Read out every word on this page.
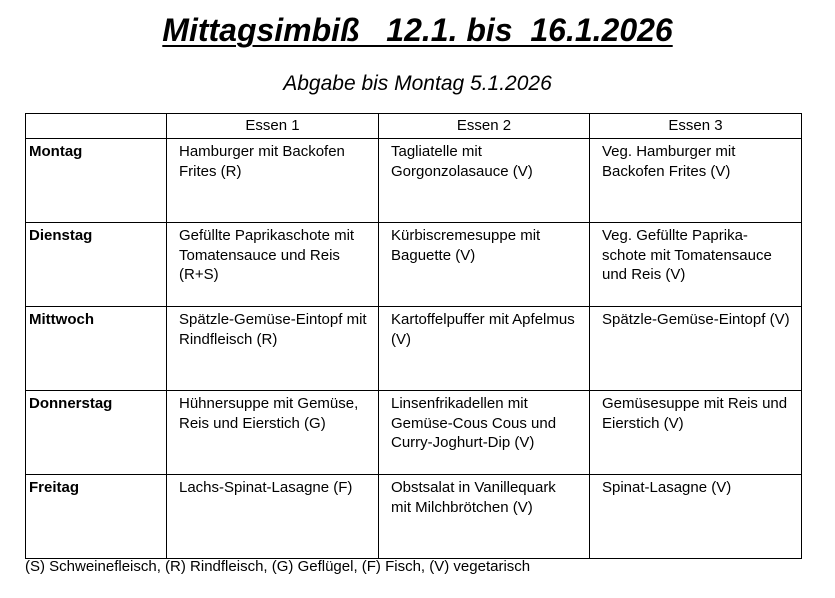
Mittagsimbiß   12.1. bis  16.1.2026
Abgabe bis Montag 5.1.2026
	Essen 1	Essen 2	Essen 3
Montag	Hamburger mit Backofen Frites (R)	Tagliatelle mit Gorgonzolasauce (V)	Veg. Hamburger mit Backofen Frites (V)
Dienstag	Gefüllte Paprikaschote mit Tomatensauce und Reis (R+S)	Kürbiscremesuppe mit Baguette (V)	Veg. Gefüllte Paprika-schote mit Tomatensauce und Reis (V)
Mittwoch	Spätzle-Gemüse-Eintopf mit Rindfleisch (R)	Kartoffelpuffer mit Apfelmus (V)	Spätzle-Gemüse-Eintopf (V)
Donnerstag	Hühnersuppe mit Gemüse, Reis und Eierstich (G)	Linsenfrikadellen mit Gemüse-Cous Cous und Curry-Joghurt-Dip (V)	Gemüsesuppe mit Reis und Eierstich (V)
Freitag	Lachs-Spinat-Lasagne (F)	Obstsalat in Vanillequark mit Milchbrötchen (V)	Spinat-Lasagne (V)
(S) Schweinefleisch, (R) Rindfleisch, (G) Geflügel, (F) Fisch, (V) vegetarisch
